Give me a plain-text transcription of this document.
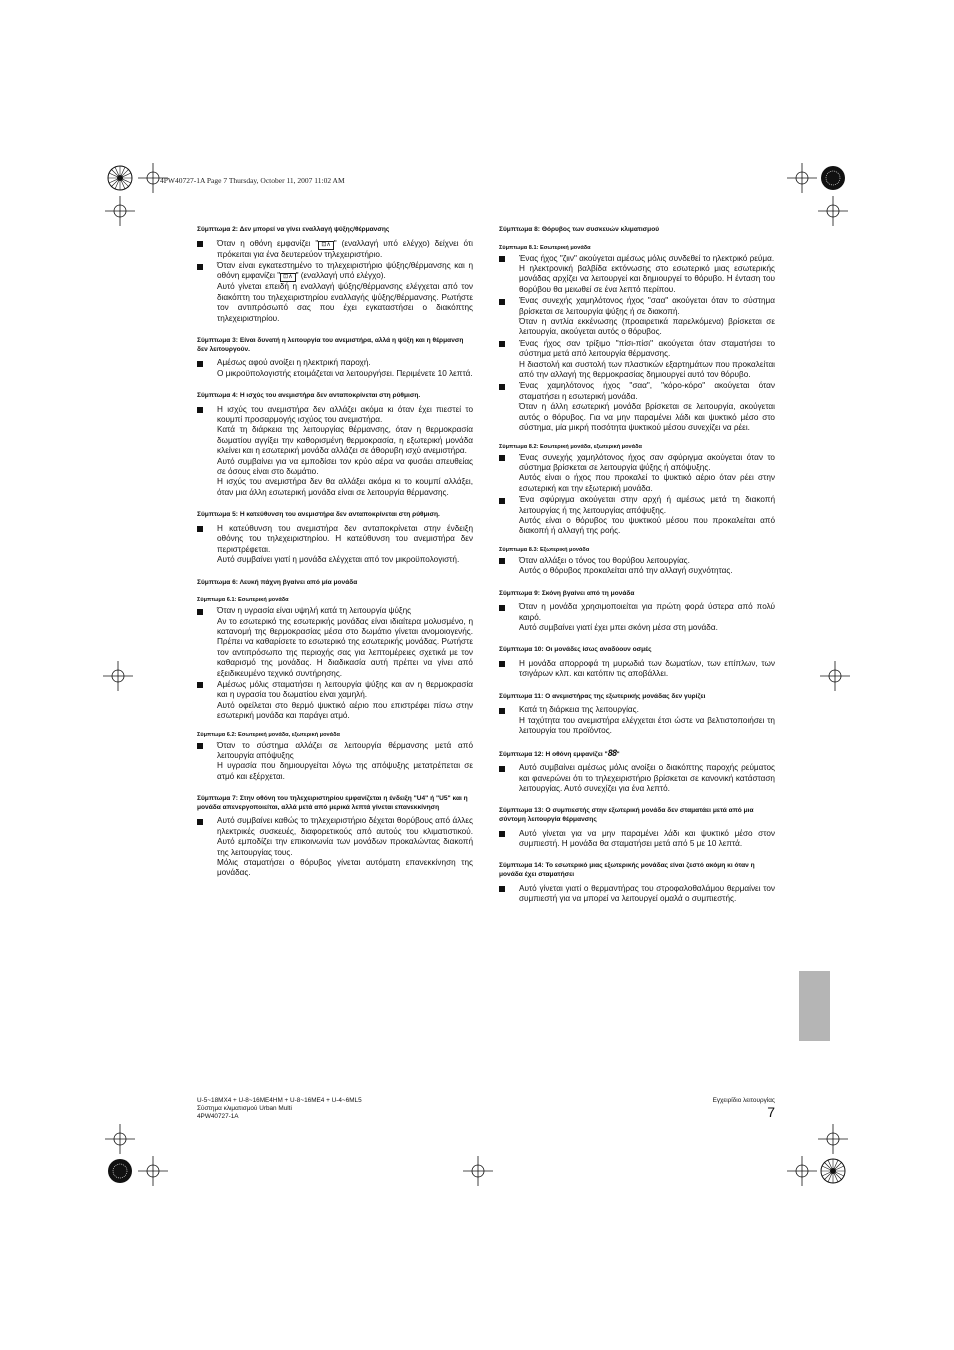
4PW40727-1A Page 7 Thursday, October 11, 2007 11:02 AM
Σύμπτωμα 2: Δεν μπορεί να γίνει εναλλαγή ψύξης/θέρμανσης

Όταν η οθόνη εμφανίζει " ⊡⊼ " (εναλλαγή υπό ελέγχο) δείχνει ότι πρόκειται για ένα δευτερεύον τηλεχειριστήριο.

Όταν είναι εγκατεστημένο το τηλεχειριστήριο ψύξης/θέρμανσης και η οθόνη εμφανίζει " ⊡⊼ " (εναλλαγή υπό ελέγχο).

Αυτό γίνεται επειδή η εναλλαγή ψύξης/θέρμανσης ελέγχεται από τον διακόπτη του τηλεχειριστηρίου εναλλαγής ψύξης/θέρμανσης. Ρωτήστε τον αντιπρόσωπό σας που έχει εγκαταστήσει ο διακόπτης τηλεχειριστηρίου.

Σύμπτωμα 3: Είναι δυνατή η λειτουργία του ανεμιστήρα, αλλά η ψύξη και η θέρμανση δεν λειτουργούν.

Αμέσως αφού ανοίξει η ηλεκτρική παροχή.

Ο μικροϋπολογιστής ετοιμάζεται να λειτουργήσει. Περιμένετε 10 λεπτά.

Σύμπτωμα 4: Η ισχύς του ανεμιστήρα δεν ανταποκρίνεται στη ρύθμιση.

Η ισχύς του ανεμιστήρα δεν αλλάζει ακόμα κι όταν έχει πιεστεί το κουμπί προσαρμογής ισχύος του ανεμιστήρα.

Κατά τη διάρκεια της λειτουργίας θέρμανσης, όταν η θερμοκρασία δωματίου αγγίξει την καθορισμένη θερμοκρασία, η εξωτερική μονάδα κλείνει και η εσωτερική μονάδα αλλάζει σε άθορυβη ισχύ ανεμιστήρα.

Αυτό συμβαίνει για να εμποδίσει τον κρύο αέρα να φυσάει απευθείας σε όσους είναι στο δωμάτιο.

Η ισχύς του ανεμιστήρα δεν θα αλλάξει ακόμα κι το κουμπί αλλάξει, όταν μια άλλη εσωτερική μονάδα είναι σε λειτουργία θέρμανσης.

Σύμπτωμα 5: Η κατεύθυνση του ανεμιστήρα δεν ανταποκρίνεται στη ρύθμιση.

Η κατεύθυνση του ανεμιστήρα δεν ανταποκρίνεται στην ένδειξη οθόνης του τηλεχειριστηρίου. Η κατεύθυνση του ανεμιστήρα δεν περιστρέφεται.

Αυτό συμβαίνει γιατί η μονάδα ελέγχεται από τον μικροϋπολογιστή.

Σύμπτωμα 6: Λευκή πάχνη βγαίνει από μία μονάδα
Σύμπτωμα 6.1: Εσωτερική μονάδα

Όταν η υγρασία είναι υψηλή κατά τη λειτουργία ψύξης

Αν το εσωτερικό της εσωτερικής μονάδας είναι ιδιαίτερα μολυσμένο, η κατανομή της θερμοκρασίας μέσα στο δωμάτιο γίνεται ανομοιογενής. Πρέπει να καθαρίσετε το εσωτερικό της εσωτερικής μονάδας. Ρωτήστε τον αντιπρόσωπο της περιοχής σας για λεπτομέρειες σχετικά με τον καθαρισμό της μονάδας. Η διαδικασία αυτή πρέπει να γίνει από εξειδικευμένο τεχνικό συντήρησης.

Αμέσως μόλις σταματήσει η λειτουργία ψύξης και αν η θερμοκρασία και η υγρασία του δωματίου είναι χαμηλή.

Αυτό οφείλεται στο θερμό ψυκτικό αέριο που επιστρέφει πίσω στην εσωτερική μονάδα και παράγει ατμό.

Σύμπτωμα 6.2: Εσωτερική μονάδα, εξωτερική μονάδα

Όταν το σύστημα αλλάζει σε λειτουργία θέρμανσης μετά από λειτουργία απόψυξης

Η υγρασία που δημιουργείται λόγω της απόψυξης μετατρέπεται σε ατμό και εξέρχεται.

Σύμπτωμα 7: Στην οθόνη του τηλεχειριστηρίου εμφανίζεται η ένδειξη "U4" ή "U5" και η μονάδα απενεργοποιείται, αλλά μετά από μερικά λεπτά γίνεται επανεκκίνηση

Αυτό συμβαίνει καθώς το τηλεχειριστήριο δέχεται θορύβους από άλλες ηλεκτρικές συσκευές, διαφορετικούς από αυτούς του κλιματιστικού. Αυτό εμποδίζει την επικοινωνία των μονάδων προκαλώντας διακοπή της λειτουργίας τους.

Μόλις σταματήσει ο θόρυβος γίνεται αυτόματη επανεκκίνηση της μονάδας.

Σύμπτωμα 8: Θόρυβος των συσκευών κλιματισμού
Σύμπτωμα 8.1: Εσωτερική μονάδα

Ένας ήχος "ζιιν" ακούγεται αμέσως μόλις συνδεθεί το ηλεκτρικό ρεύμα.

Η ηλεκτρονική βαλβίδα εκτόνωσης στο εσωτερικό μιας εσωτερικής μονάδας αρχίζει να λειτουργεί και δημιουργεί το θόρυβο. Η ένταση του θορύβου θα μειωθεί σε ένα λεπτό περίπου.

Ένας συνεχής χαμηλότονος ήχος "σαα" ακούγεται όταν το σύστημα βρίσκεται σε λειτουργία ψύξης ή σε διακοπή.

Όταν η αντλία εκκένωσης (προαιρετικά παρελκόμενα) βρίσκεται σε λειτουργία, ακούγεται αυτός ο θόρυβος.

Ένας ήχος σαν τρίξιμο "πίσι-πίσι" ακούγεται όταν σταματήσει το σύστημα μετά από λειτουργία θέρμανσης.

Η διαστολή και συστολή των πλαστικών εξαρτημάτων που προκαλείται από την αλλαγή της θερμοκρασίας δημιουργεί αυτό τον θόρυβο.

Ένας χαμηλότονος ήχος "σαα", "κόρο-κόρο" ακούγεται όταν σταματήσει η εσωτερική μονάδα.

Όταν η άλλη εσωτερική μονάδα βρίσκεται σε λειτουργία, ακούγεται αυτός ο θόρυβος. Για να μην παραμένει λάδι και ψυκτικό μέσο στο σύστημα, μία μικρή ποσότητα ψυκτικού μέσου συνεχίζει να ρέει.

Σύμπτωμα 8.2: Εσωτερική μονάδα, εξωτερική μονάδα

Ένας συνεχής χαμηλότονος ήχος σαν σφύριγμα ακούγεται όταν το σύστημα βρίσκεται σε λειτουργία ψύξης ή απόψυξης.

Αυτός είναι ο ήχος που προκαλεί το ψυκτικό αέριο όταν ρέει στην εσωτερική και την εξωτερική μονάδα.

Ένα σφύριγμα ακούγεται στην αρχή ή αμέσως μετά τη διακοπή λειτουργίας ή της λειτουργίας απόψυξης.

Αυτός είναι ο θόρυβος του ψυκτικού μέσου που προκαλείται από διακοπή ή αλλαγή της ροής.

Σύμπτωμα 8.3: Εξωτερική μονάδα

Όταν αλλάξει ο τόνος του θορύβου λειτουργίας.

Αυτός ο θόρυβος προκαλείται από την αλλαγή συχνότητας.

Σύμπτωμα 9: Σκόνη βγαίνει από τη μονάδα

Όταν η μονάδα χρησιμοποιείται για πρώτη φορά ύστερα από πολύ καιρό.

Αυτό συμβαίνει γιατί έχει μπει σκόνη μέσα στη μονάδα.

Σύμπτωμα 10: Οι μονάδες ίσως αναδύουν οσμές

Η μονάδα απορροφά τη μυρωδιά των δωματίων, των επίπλων, των τσιγάρων κλπ. και κατόπιν τις αποβάλλει.

Σύμπτωμα 11: Ο ανεμιστήρας της εξωτερικής μονάδας δεν γυρίζει

Κατά τη διάρκεια της λειτουργίας.

Η ταχύτητα του ανεμιστήρα ελέγχεται έτσι ώστε να βελτιστοποιήσει τη λειτουργία του προϊόντος.

Σύμπτωμα 12: Η οθόνη εμφανίζει "88"

Αυτό συμβαίνει αμέσως μόλις ανοίξει ο διακόπτης παροχής ρεύματος και φανερώνει ότι το τηλεχειριστήριο βρίσκεται σε κανονική κατάσταση λειτουργίας. Αυτό συνεχίζει για ένα λεπτό.

Σύμπτωμα 13: Ο συμπιεστής στην εξωτερική μονάδα δεν σταματάει μετά από μια σύντομη λειτουργία θέρμανσης

Αυτό γίνεται για να μην παραμένει λάδι και ψυκτικό μέσο στον συμπιεστή. Η μονάδα θα σταματήσει μετά από 5 με 10 λεπτά.

Σύμπτωμα 14: Το εσωτερικό μιας εξωτερικής μονάδας είναι ζεστό ακόμη κι όταν η μονάδα έχει σταματήσει

Αυτό γίνεται γιατί ο θερμαντήρας του στροφαλοθαλάμου θερμαίνει τον συμπιεστή για να μπορεί να λειτουργεί ομαλά ο συμπιεστής.

U-5~18MX4 + U-8~16ME4HM + U-8~16ME4 + U-4~6ML5
Σύστημα κλιματισμού Urban Multi
4PW40727-1A
Εγχειρίδιο λειτουργίας
7
